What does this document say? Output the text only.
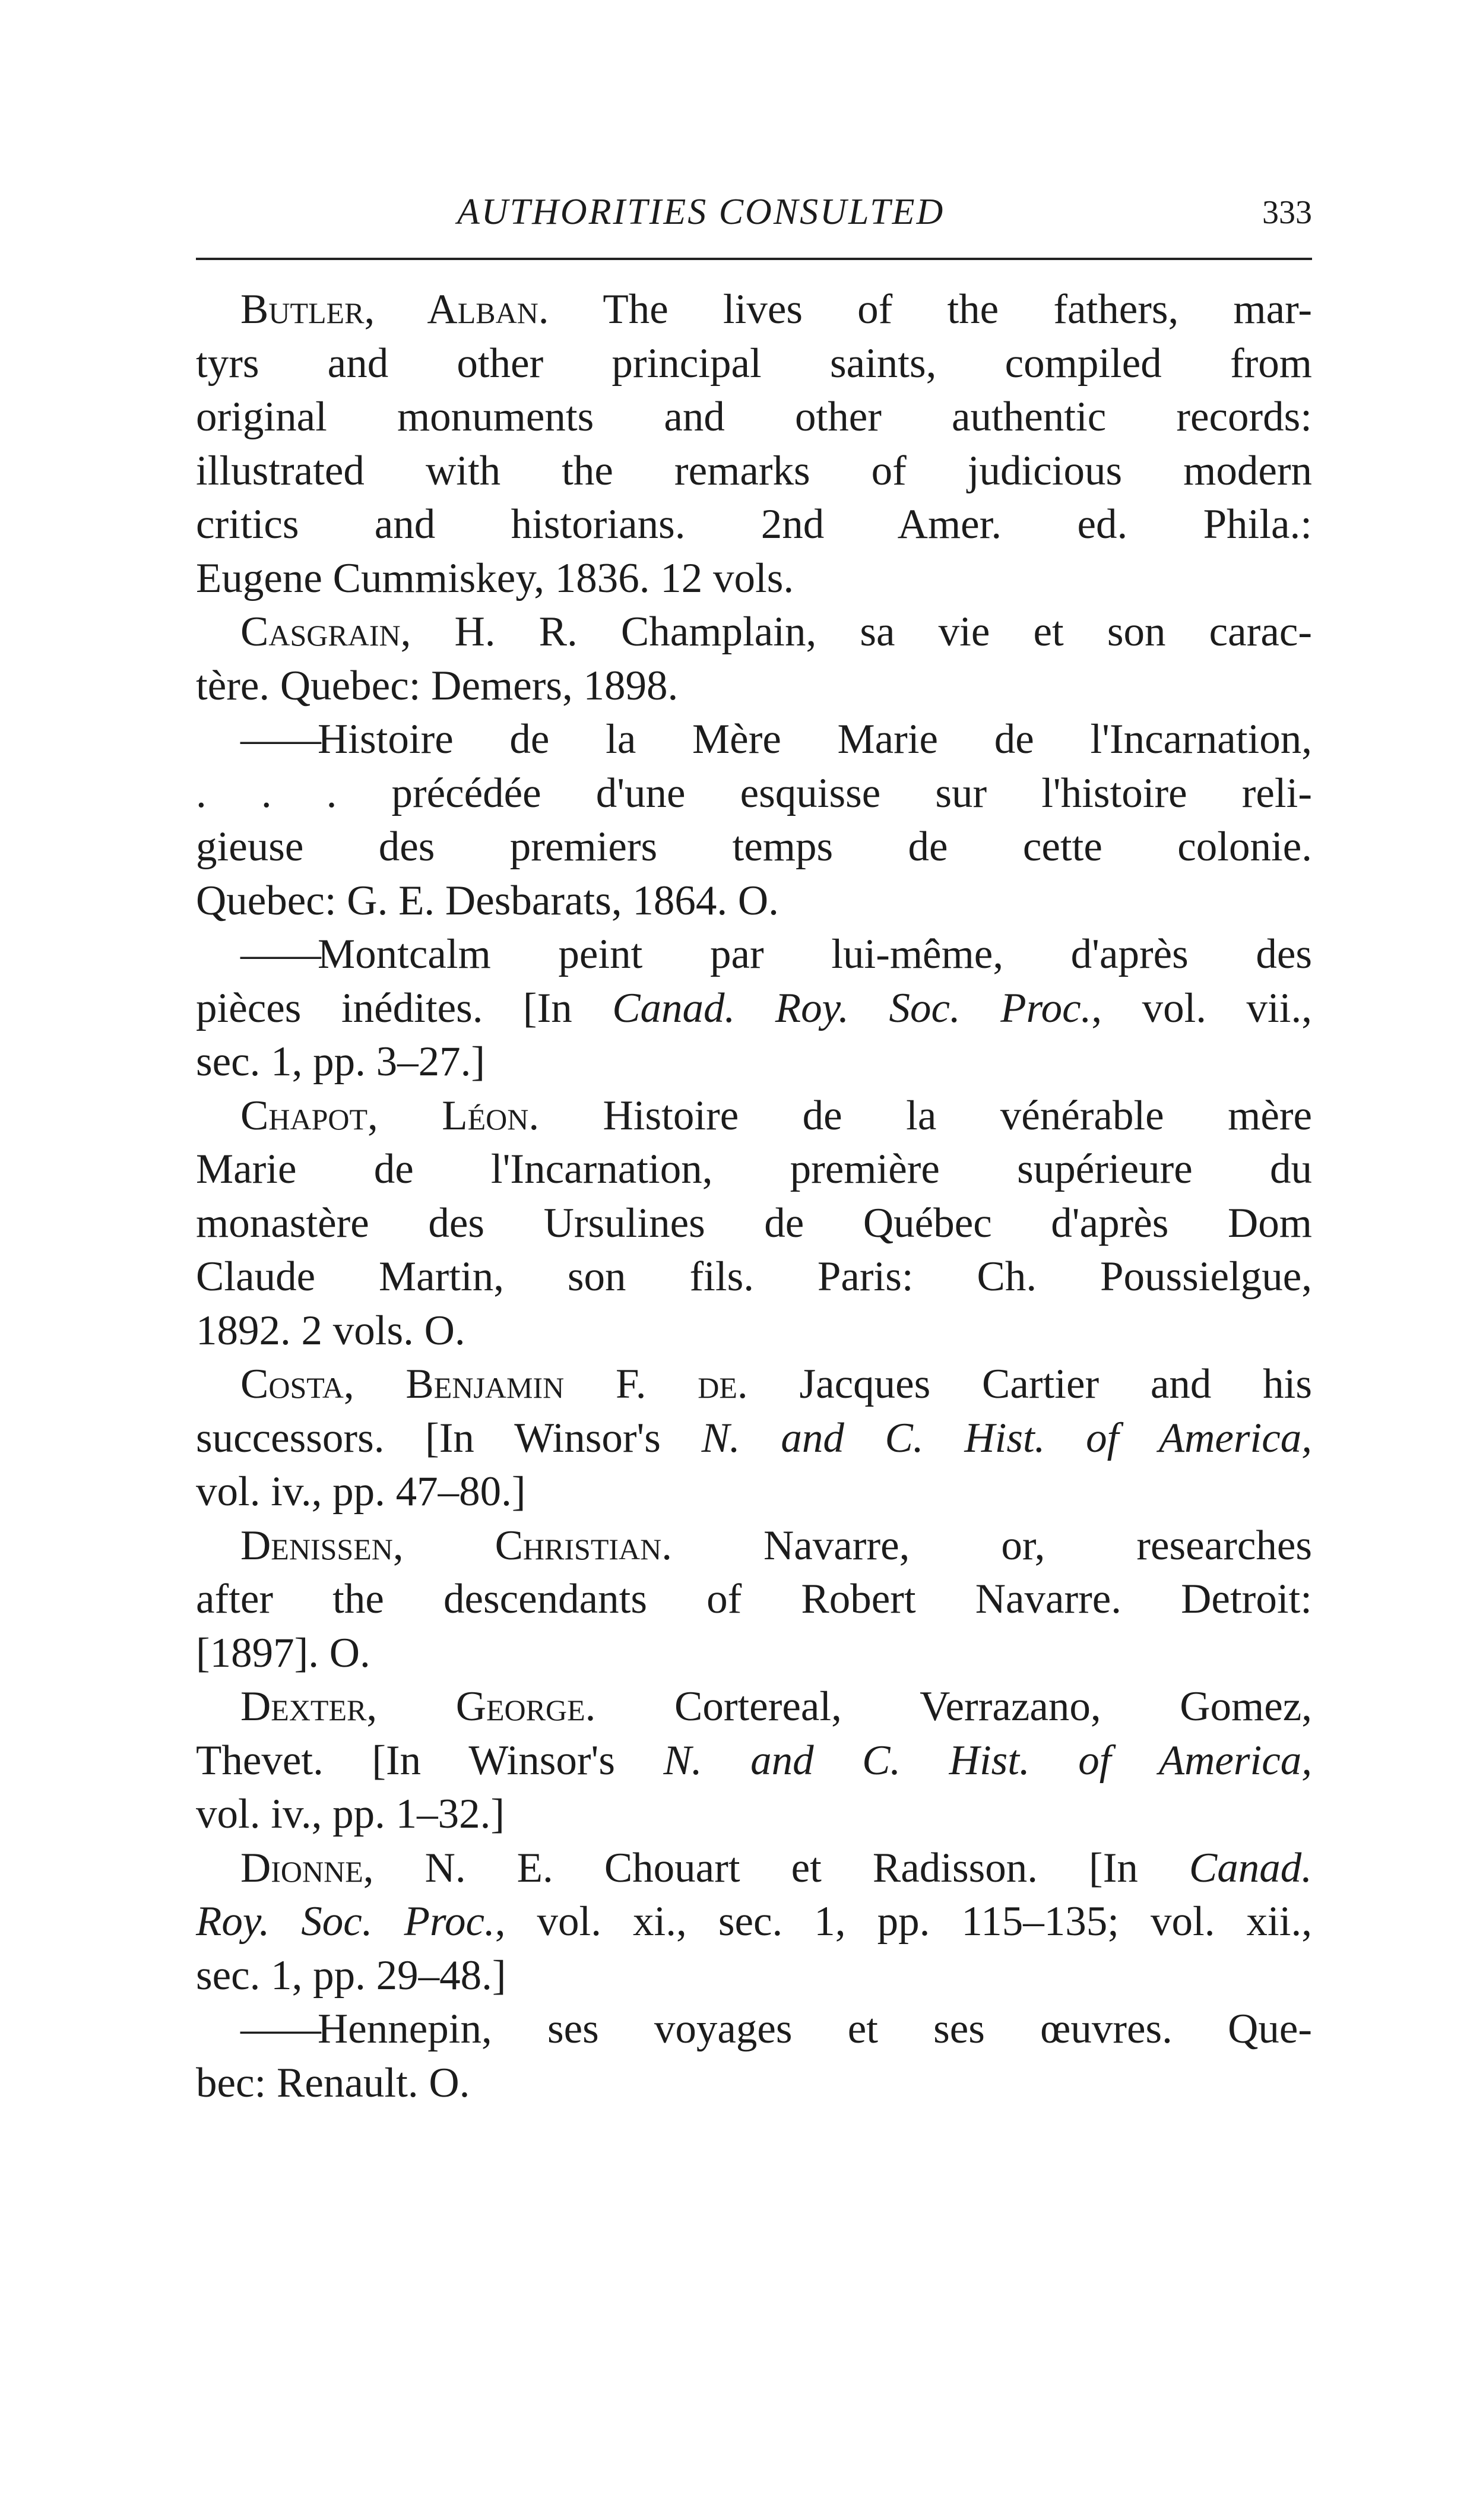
AUTHORITIES CONSULTED	333
Butler, Alban. The lives of the fathers, mar-
tyrs and other principal saints, compiled from
original monuments and other authentic records:
illustrated with the remarks of judicious modern
critics and historians. 2nd Amer. ed. Phila.:
Eugene Cummiskey, 1836. 12 vols.
Casgrain, H. R. Champlain, sa vie et son carac-
tère. Quebec: Demers, 1898.
——Histoire de la Mère Marie de l'Incarnation,
. . . précédée d'une esquisse sur l'histoire reli-
gieuse des premiers temps de cette colonie.
Quebec: G. E. Desbarats, 1864. O.
——Montcalm peint par lui-même, d'après des
pièces inédites. [In Canad. Roy. Soc. Proc., vol. vii.,
sec. 1, pp. 3–27.]
Chapot, Léon. Histoire de la vénérable mère
Marie de l'Incarnation, première supérieure du
monastère des Ursulines de Québec d'après Dom
Claude Martin, son fils. Paris: Ch. Poussielgue,
1892. 2 vols. O.
Costa, Benjamin F. de. Jacques Cartier and his
successors. [In Winsor's N. and C. Hist. of America,
vol. iv., pp. 47–80.]
Denissen, Christian. Navarre, or, researches
after the descendants of Robert Navarre. Detroit:
[1897]. O.
Dexter, George. Cortereal, Verrazano, Gomez,
Thevet. [In Winsor's N. and C. Hist. of America,
vol. iv., pp. 1–32.]
Dionne, N. E. Chouart et Radisson. [In Canad.
Roy. Soc. Proc., vol. xi., sec. 1, pp. 115–135; vol. xii.,
sec. 1, pp. 29–48.]
——Hennepin, ses voyages et ses œuvres. Que-
bec: Renault. O.
